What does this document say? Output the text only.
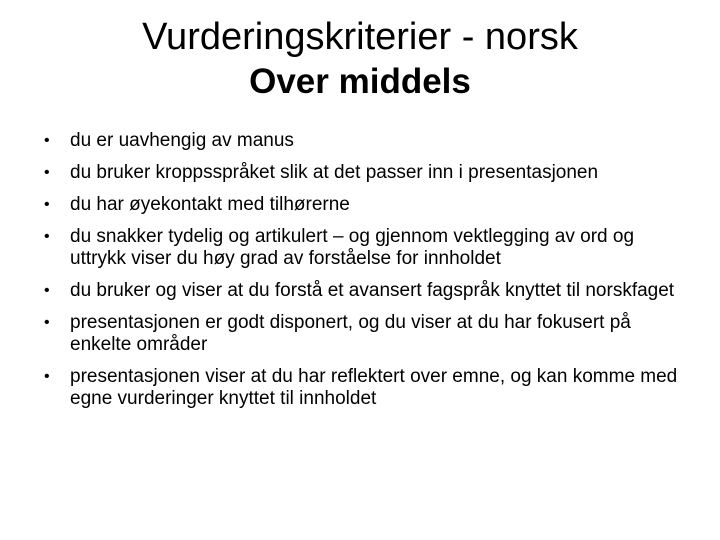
Vurderingskriterier - norsk
Over middels
•	du er uavhengig av manus
•	du bruker kroppsspråket slik at det passer inn i presentasjonen
•	du har øyekontakt med tilhørerne
•	du snakker tydelig og artikulert – og gjennom vektlegging av ord og uttrykk viser du høy grad av forståelse for innholdet
•	du bruker og viser at du forstå et avansert fagspråk knyttet til norskfaget
•	presentasjonen er godt disponert, og du viser at du har fokusert på enkelte områder
•	presentasjonen viser at du har reflektert over emne, og kan komme med egne vurderinger knyttet til innholdet
